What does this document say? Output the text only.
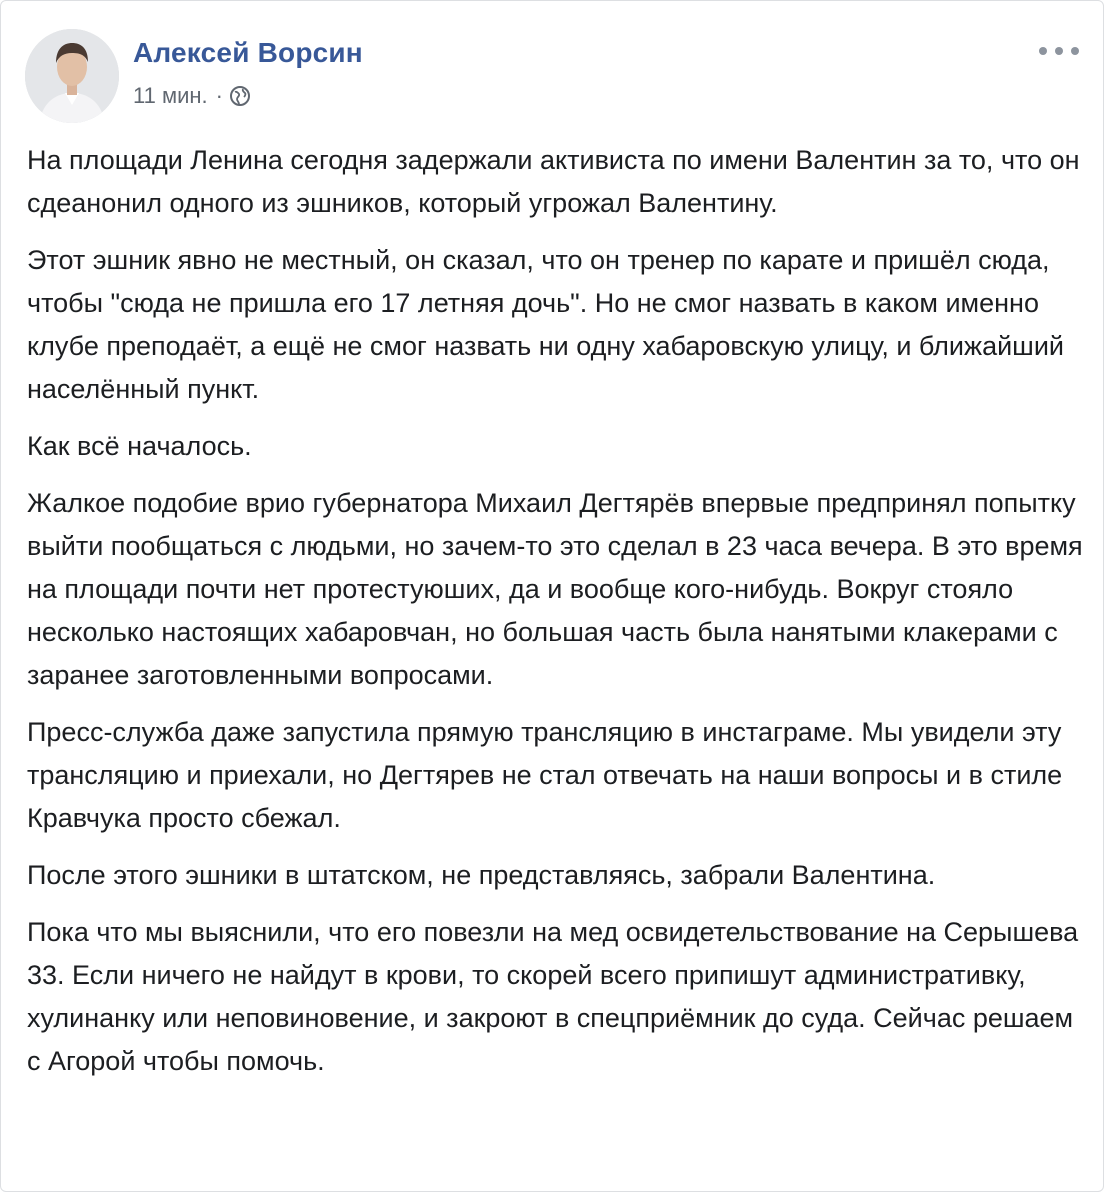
Алексей Ворсин
11 мин. ·

На площади Ленина сегодня задержали активиста по имени Валентин за то, что он сдеанонил одного из эшников, который угрожал Валентину.

Этот эшник явно не местный, он сказал, что он тренер по карате и пришёл сюда, чтобы "сюда не пришла его 17 летняя дочь". Но не смог назвать в каком именно клубе преподаёт, а ещё не смог назвать ни одну хабаровскую улицу, и ближайший населённый пункт.

Как всё началось.

Жалкое подобие врио губернатора Михаил Дегтярёв впервые предпринял попытку выйти пообщаться с людьми, но зачем-то это сделал в 23 часа вечера. В это время на площади почти нет протестуюших, да и вообще кого-нибудь. Вокруг стояло несколько настоящих хабаровчан, но большая часть была нанятыми клакерами с заранее заготовленными вопросами.

Пресс-служба даже запустила прямую трансляцию в инстаграме. Мы увидели эту трансляцию и приехали, но Дегтярев не стал отвечать на наши вопросы и в стиле Кравчука просто сбежал.

После этого эшники в штатском, не представляясь, забрали Валентина.

Пока что мы выяснили, что его повезли на мед освидетельствование на Серышева 33. Если ничего не найдут в крови, то скорей всего припишут административку, хулинанку или неповиновение, и закроют в спецприёмник до суда. Сейчас решаем с Агорой чтобы помочь.
